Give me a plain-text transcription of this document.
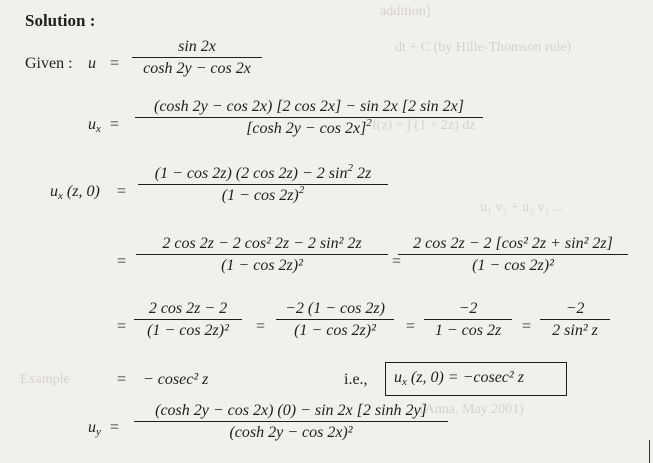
addition]
dt + C (by Hille-Thomson rule)
f(z) = ∫ (1 + 2z) dz
u₁ v₂ + u₂ v₁ ...
(Anna, May 2001)
Example
Solution :
Given : u =
sin 2x
cosh 2y − cos 2x
$u_x$ =
(cosh 2y − cos 2x) [2 cos 2x] − sin 2x [2 sin 2x]
[cosh 2y − cos 2x]$^2$
$u_x$ (z, 0) =
(1 − cos 2z) (2 cos 2z) − 2 $\sin^2 2z$
$(1 - \cos 2z)^2$
=
2 cos 2z − 2 cos² 2z − 2 sin² 2z
(1 − cos 2z)²	=
2 cos 2z − 2 [cos² 2z + sin² 2z]
(1 − cos 2z)²
=
2 cos 2z − 2
(1 − cos 2z)²	=
−2 (1 − cos 2z)
(1 − cos 2z)²	=
−2
1 − cos 2z	=
−2
2 sin² z
= − cosec² z	i.e., $u_x$ (z, 0) = −cosec² z
$u_y$ =
(cosh 2y − cos 2x) (0) − sin 2x [2 sinh 2y]
(cosh 2y − cos 2x)²
